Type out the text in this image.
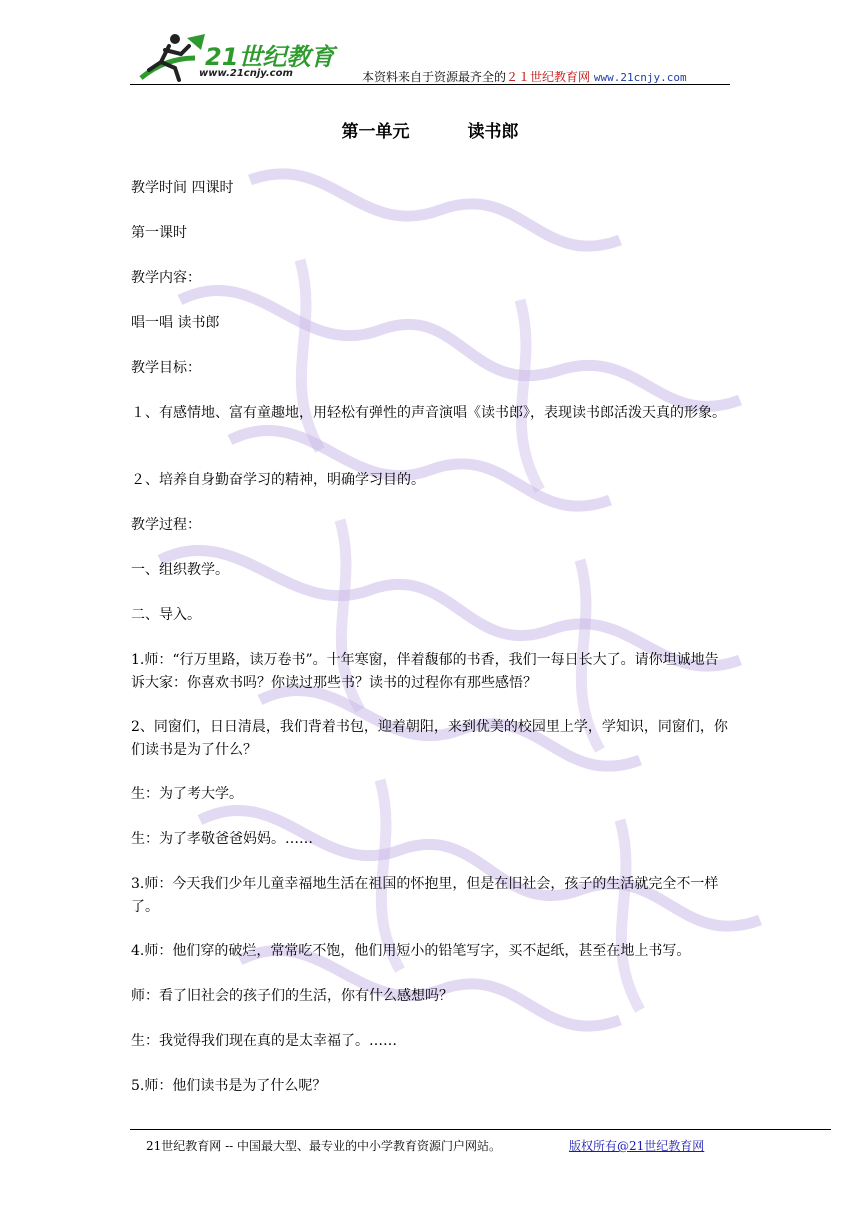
21世纪教育
www.21cnjy.com	本资料来自于资源最齐全的２１世纪教育网 www.21cnjy.com
第一单元	读书郎

教学时间 四课时

第一课时

教学内容：

唱一唱 读书郎

教学目标：

１、有感情地、富有童趣地，用轻松有弹性的声音演唱《读书郎》，表现读书郎活泼天真的形象。

２、培养自身勤奋学习的精神，明确学习目的。

教学过程：

一、组织教学。

二、导入。

1.师：“行万里路，读万卷书”。十年寒窗，伴着馥郁的书香，我们一每日长大了。请你坦诚地告诉大家：你喜欢书吗？你读过那些书？读书的过程你有那些感悟？

2、同窗们，日日清晨，我们背着书包，迎着朝阳，来到优美的校园里上学，学知识，同窗们，你们读书是为了什么？

生：为了考大学。

生：为了孝敬爸爸妈妈。……

3.师：今天我们少年儿童幸福地生活在祖国的怀抱里，但是在旧社会，孩子的生活就完全不一样了。

4.师：他们穿的破烂，常常吃不饱，他们用短小的铅笔写字，买不起纸，甚至在地上书写。

师：看了旧社会的孩子们的生活，你有什么感想吗？

生：我觉得我们现在真的是太幸福了。……

5.师：他们读书是为了什么呢？

21世纪教育网 -- 中国最大型、最专业的中小学教育资源门户网站。	版权所有@21世纪教育网
